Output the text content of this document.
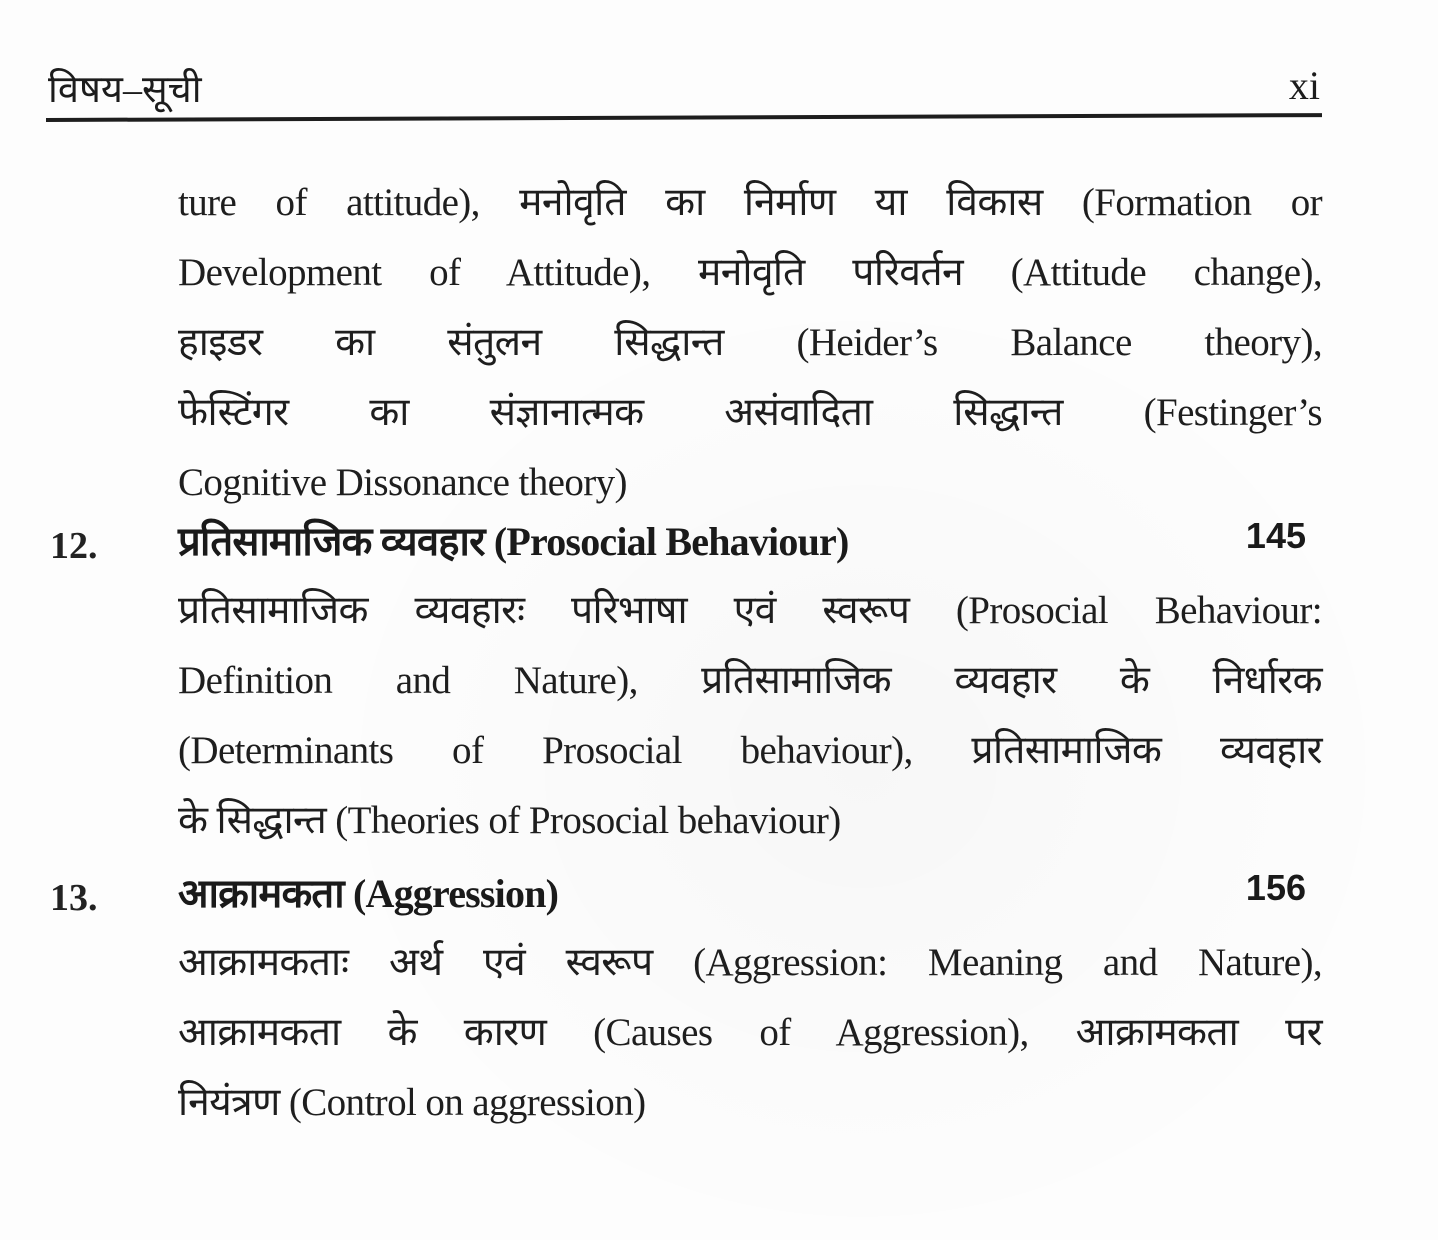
विषय–सूची	xi
ture of attitude), मनोवृति का निर्माण या विकास (Formation or
Development of Attitude), मनोवृति परिवर्तन (Attitude change),
हाइडर का संतुलन सिद्धान्त (Heider’s Balance theory),
फेस्टिंगर का संज्ञानात्मक असंवादिता सिद्धान्त (Festinger’s
Cognitive Dissonance theory)
12. प्रतिसामाजिक व्यवहार (Prosocial Behaviour)	145
प्रतिसामाजिक व्यवहारः परिभाषा एवं स्वरूप (Prosocial Behaviour:
Definition and Nature), प्रतिसामाजिक व्यवहार के निर्धारक
(Determinants of Prosocial behaviour), प्रतिसामाजिक व्यवहार
के सिद्धान्त (Theories of Prosocial behaviour)
13. आक्रामकता (Aggression)	156
आक्रामकताः अर्थ एवं स्वरूप (Aggression: Meaning and Nature),
आक्रामकता के कारण (Causes of Aggression), आक्रामकता पर
नियंत्रण (Control on aggression)
